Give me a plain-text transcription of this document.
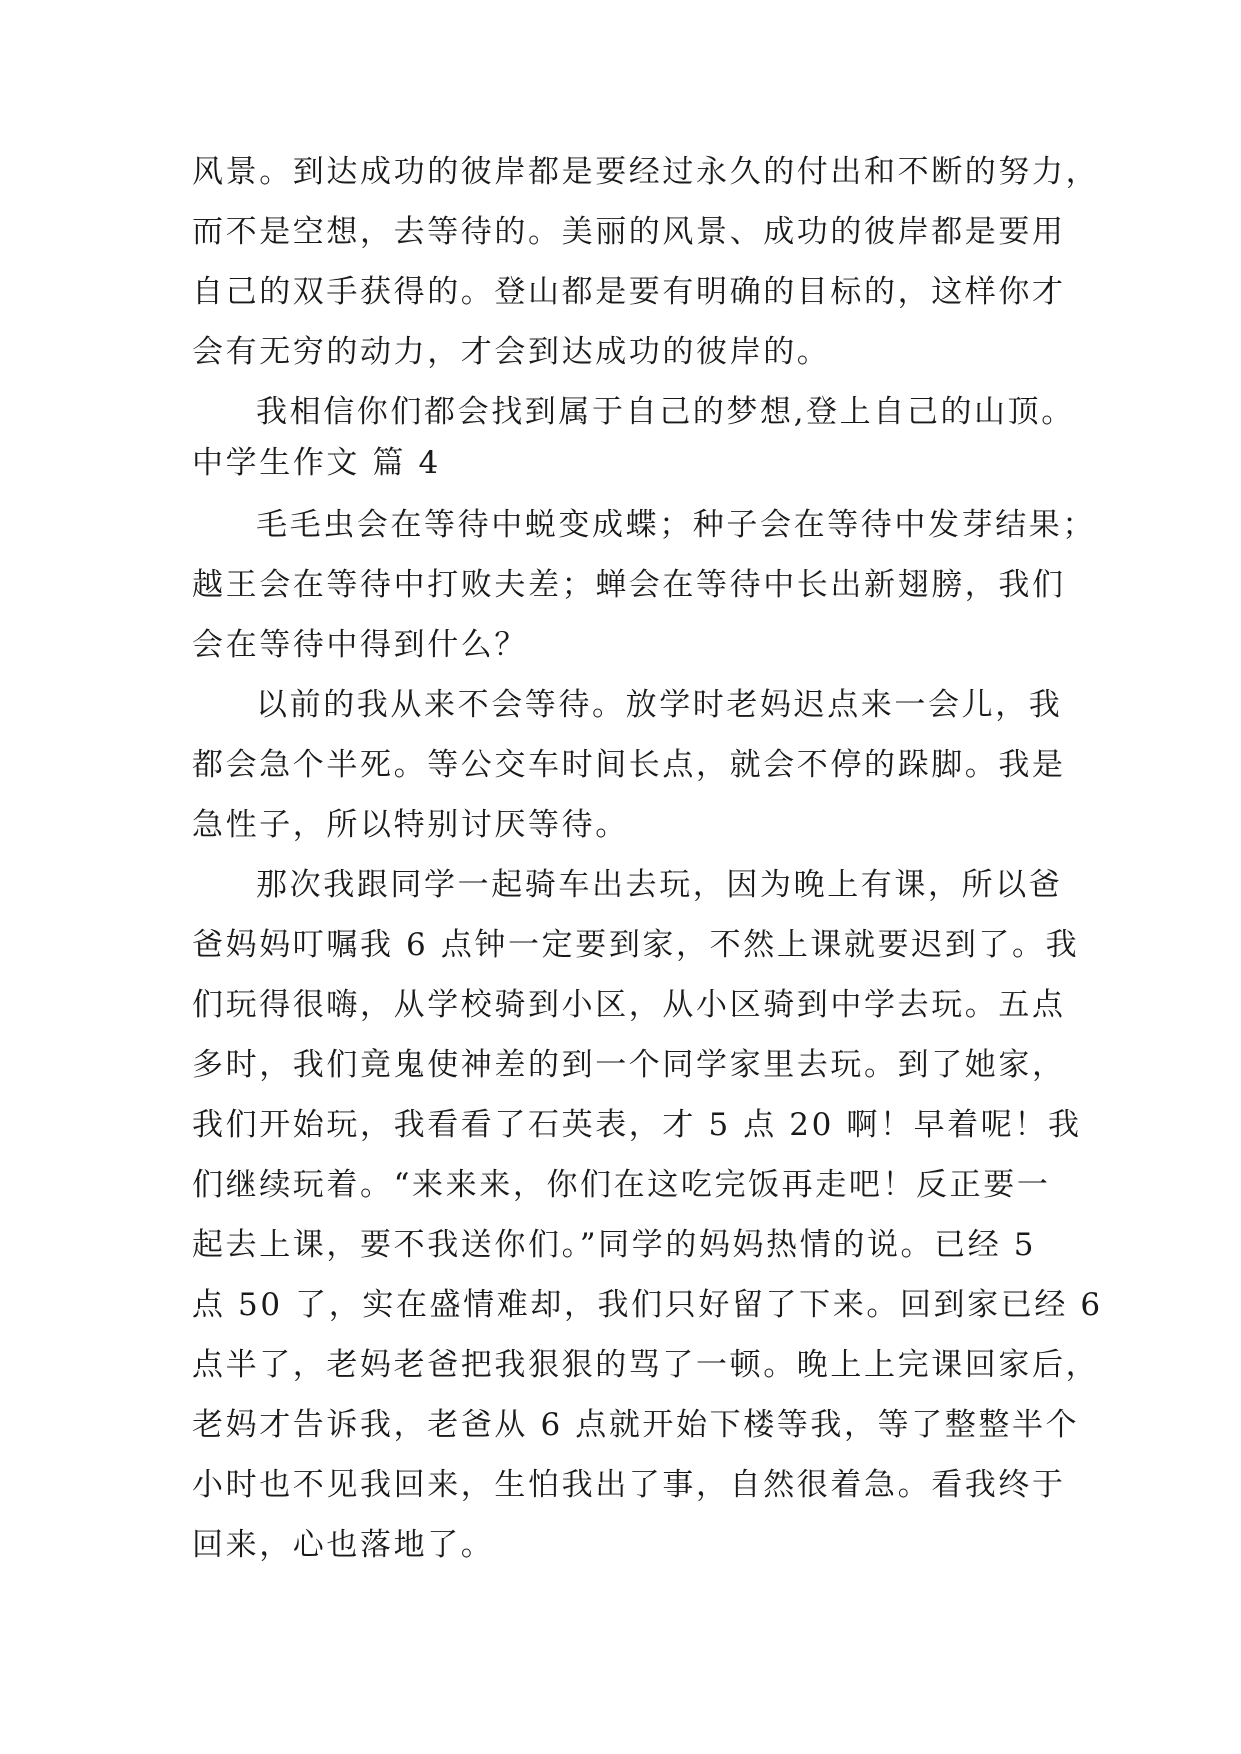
风景。到达成功的彼岸都是要经过永久的付出和不断的努力，
而不是空想，去等待的。美丽的风景、成功的彼岸都是要用
自己的双手获得的。登山都是要有明确的目标的，这样你才
会有无穷的动力，才会到达成功的彼岸的。
我相信你们都会找到属于自己的梦想,登上自己的山顶。
中学生作文 篇 4
毛毛虫会在等待中蜕变成蝶；种子会在等待中发芽结果；
越王会在等待中打败夫差；蝉会在等待中长出新翅膀，我们
会在等待中得到什么？
以前的我从来不会等待。放学时老妈迟点来一会儿，我
都会急个半死。等公交车时间长点，就会不停的跺脚。我是
急性子，所以特别讨厌等待。
那次我跟同学一起骑车出去玩，因为晚上有课，所以爸
爸妈妈叮嘱我 6 点钟一定要到家，不然上课就要迟到了。我
们玩得很嗨，从学校骑到小区，从小区骑到中学去玩。五点
多时，我们竟鬼使神差的到一个同学家里去玩。到了她家，
我们开始玩，我看看了石英表，才 5 点 20 啊！早着呢！我
们继续玩着。“来来来，你们在这吃完饭再走吧！反正要一
起去上课，要不我送你们。”同学的妈妈热情的说。已经 5
点 50 了，实在盛情难却，我们只好留了下来。回到家已经 6
点半了，老妈老爸把我狠狠的骂了一顿。晚上上完课回家后，
老妈才告诉我，老爸从 6 点就开始下楼等我，等了整整半个
小时也不见我回来，生怕我出了事，自然很着急。看我终于
回来，心也落地了。
